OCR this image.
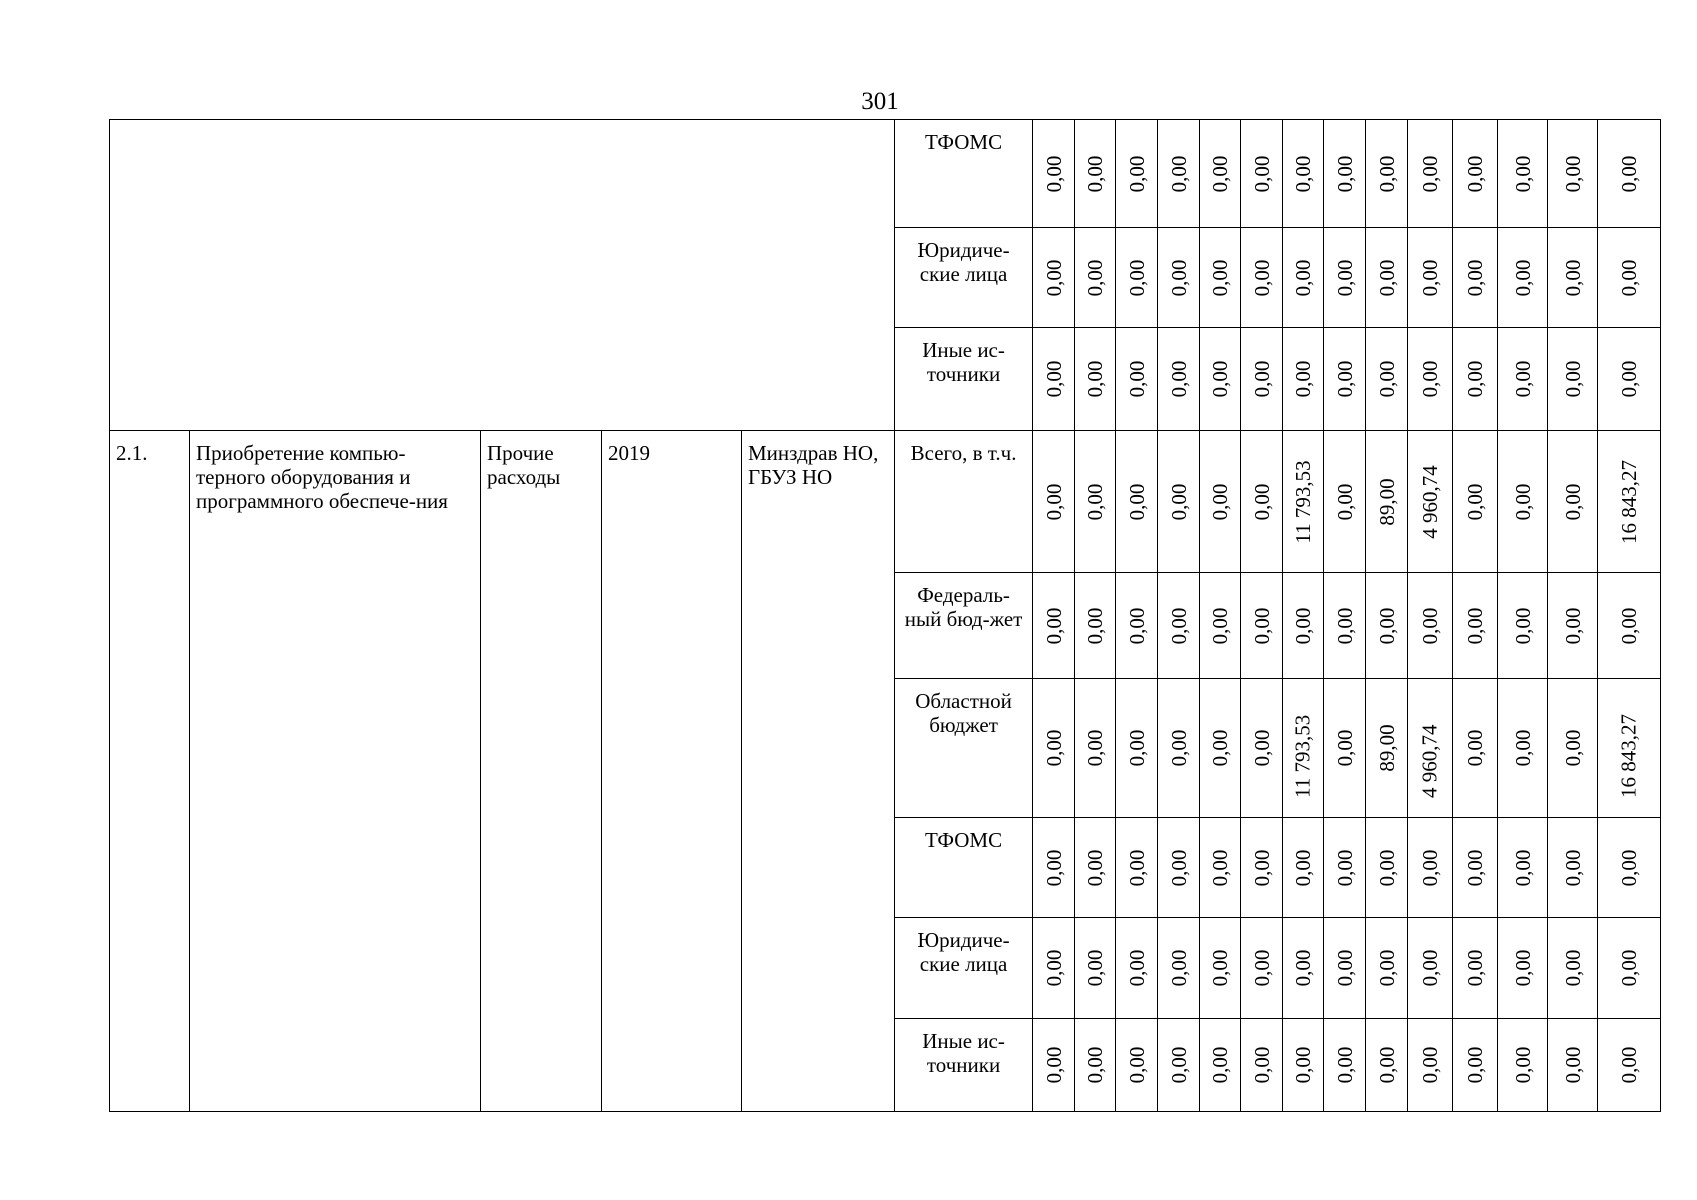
301
					ТФОМС	0,00	0,00	0,00	0,00	0,00	0,00	0,00	0,00	0,00	0,00	0,00	0,00	0,00	0,00

					Юридиче-ские лица	0,00	0,00	0,00	0,00	0,00	0,00	0,00	0,00	0,00	0,00	0,00	0,00	0,00	0,00

					Иные ис-точники	0,00	0,00	0,00	0,00	0,00	0,00	0,00	0,00	0,00	0,00	0,00	0,00	0,00	0,00

2.1.	Приобретение компью-терного оборудования и программного обеспече-ния	Прочие расходы	2019	Минздрав НО, ГБУЗ НО	Всего, в т.ч.	0,00	0,00	0,00	0,00	0,00	0,00	11 793,53	0,00	89,00	4 960,74	0,00	0,00	0,00	16 843,27

					Федераль-ный бюд-жет	0,00	0,00	0,00	0,00	0,00	0,00	0,00	0,00	0,00	0,00	0,00	0,00	0,00	0,00

					Областной бюджет	0,00	0,00	0,00	0,00	0,00	0,00	11 793,53	0,00	89,00	4 960,74	0,00	0,00	0,00	16 843,27

					ТФОМС	0,00	0,00	0,00	0,00	0,00	0,00	0,00	0,00	0,00	0,00	0,00	0,00	0,00	0,00

					Юридиче-ские лица	0,00	0,00	0,00	0,00	0,00	0,00	0,00	0,00	0,00	0,00	0,00	0,00	0,00	0,00

					Иные ис-точники	0,00	0,00	0,00	0,00	0,00	0,00	0,00	0,00	0,00	0,00	0,00	0,00	0,00	0,00
